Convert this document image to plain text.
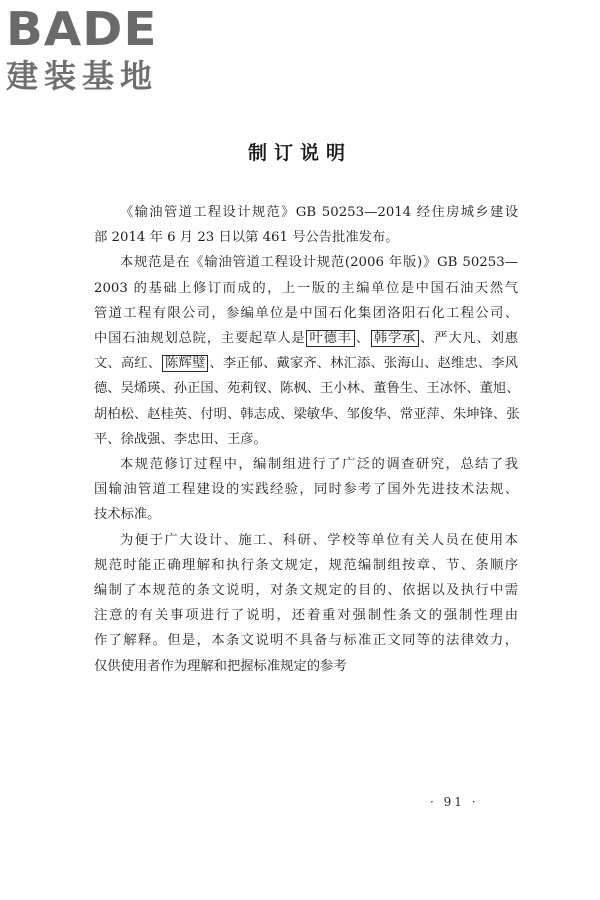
BADE
建装基地
制订说明

《输油管道工程设计规范》GB 50253—2014 经住房城乡建设
部 2014 年 6 月 23 日以第 461 号公告批准发布。

本规范是在《输油管道工程设计规范(2006 年版)》GB 50253—
2003 的基础上修订而成的，上一版的主编单位是中国石油天然气
管道工程有限公司，参编单位是中国石化集团洛阳石化工程公司、
中国石油规划总院，主要起草人是 叶德丰 、 韩学承 、严大凡、刘惠
文、高红、 陈辉璧 、李正郁、戴家齐、林汇添、张海山、赵维忠、李风
德、吴烯瑛、孙正国、苑莉钗、陈枫、王小林、董鲁生、王冰怀、董旭、
胡柏松、赵桂英、付明、韩志成、梁敏华、邹俊华、常亚萍、朱坤锋、张
平、徐战强、李忠田、王彦。

本规范修订过程中，编制组进行了广泛的调查研究，总结了我
国输油管道工程建设的实践经验，同时参考了国外先进技术法规、
技术标准。

为便于广大设计、施工、科研、学校等单位有关人员在使用本
规范时能正确理解和执行条文规定，规范编制组按章、节、条顺序
编制了本规范的条文说明，对条文规定的目的、依据以及执行中需
注意的有关事项进行了说明，还着重对强制性条文的强制性理由
作了解释。但是，本条文说明不具备与标准正文同等的法律效力，
仅供使用者作为理解和把握标准规定的参考

· 91 ·
